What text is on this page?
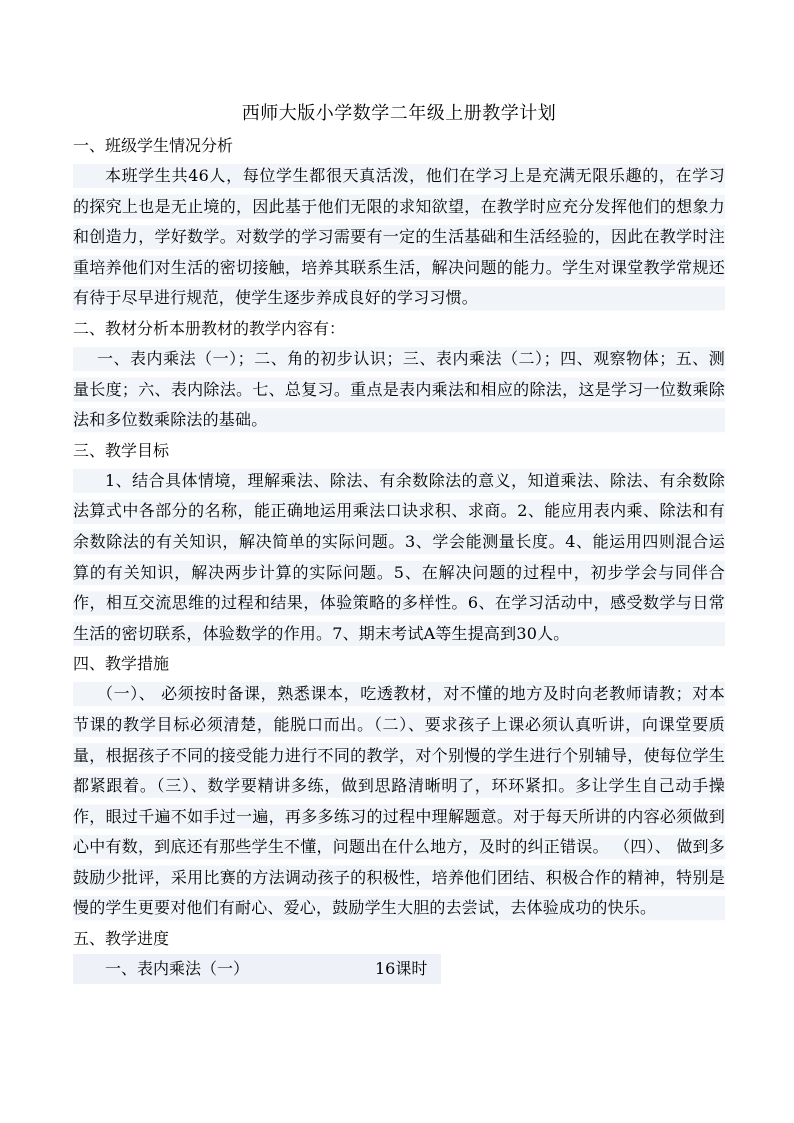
西师大版小学数学二年级上册教学计划

一、班级学生情况分析

本班学生共46人，每位学生都很天真活泼，他们在学习上是充满无限乐趣的，在学习的探究上也是无止境的，因此基于他们无限的求知欲望，在教学时应充分发挥他们的想象力和创造力，学好数学。对数学的学习需要有一定的生活基础和生活经验的，因此在教学时注重培养他们对生活的密切接触，培养其联系生活，解决问题的能力。学生对课堂教学常规还有待于尽早进行规范，使学生逐步养成良好的学习习惯。

二、教材分析本册教材的教学内容有：

一、表内乘法（一）；二、角的初步认识；三、表内乘法（二）；四、观察物体；五、测量长度；六、表内除法。七、总复习。重点是表内乘法和相应的除法，这是学习一位数乘除法和多位数乘除法的基础。

三、教学目标

1、结合具体情境，理解乘法、除法、有余数除法的意义，知道乘法、除法、有余数除法算式中各部分的名称，能正确地运用乘法口诀求积、求商。2、能应用表内乘、除法和有余数除法的有关知识，解决简单的实际问题。3、学会能测量长度。4、能运用四则混合运算的有关知识，解决两步计算的实际问题。5、在解决问题的过程中，初步学会与同伴合作，相互交流思维的过程和结果，体验策略的多样性。6、在学习活动中，感受数学与日常生活的密切联系，体验数学的作用。7、期末考试A等生提高到30人。

四、教学措施

（一）、 必须按时备课，熟悉课本，吃透教材，对不懂的地方及时向老教师请教；对本节课的教学目标必须清楚，能脱口而出。（二）、要求孩子上课必须认真听讲，向课堂要质量，根据孩子不同的接受能力进行不同的教学，对个别慢的学生进行个别辅导，使每位学生都紧跟着。（三）、数学要精讲多练，做到思路清晰明了，环环紧扣。多让学生自己动手操作，眼过千遍不如手过一遍，再多多练习的过程中理解题意。对于每天所讲的内容必须做到心中有数，到底还有那些学生不懂，问题出在什么地方，及时的纠正错误。 （四）、 做到多鼓励少批评，采用比赛的方法调动孩子的积极性，培养他们团结、积极合作的精神，特别是慢的学生更要对他们有耐心、爱心，鼓励学生大胆的去尝试，去体验成功的快乐。

五、教学进度

一、表内乘法（一）	16课时
